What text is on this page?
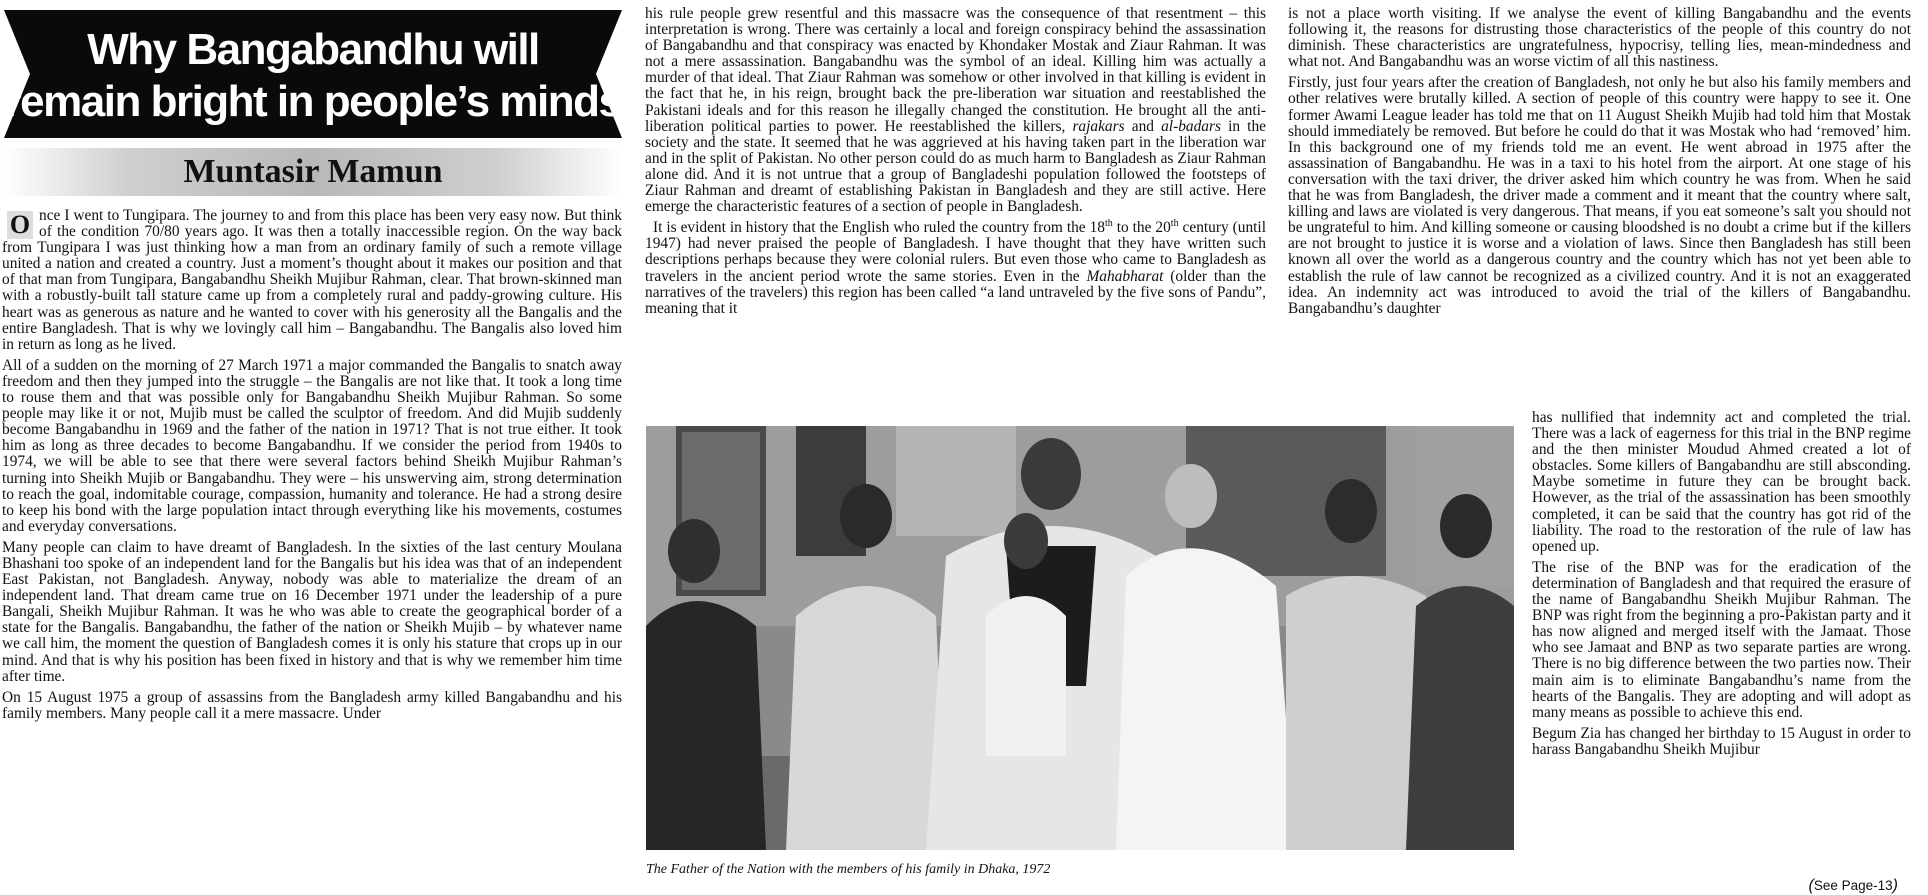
Why Bangabandhu will
remain bright in people’s minds
Muntasir Mamun

O nce I went to Tungipara. The journey to and from this place has been very easy now. But think of the condition 70/80 years ago. It was then a totally inaccessible region. On the way back from Tungipara I was just thinking how a man from an ordinary family of such a remote village united a nation and created a country. Just a moment’s thought about it makes our position and that of that man from Tungipara, Bangabandhu Sheikh Mujibur Rahman, clear. That brown-skinned man with a robustly-built tall stature came up from a completely rural and paddy-growing culture. His heart was as generous as nature and he wanted to cover with his generosity all the Bangalis and the entire Bangladesh. That is why we lovingly call him – Bangabandhu. The Bangalis also loved him in return as long as he lived.

All of a sudden on the morning of 27 March 1971 a major commanded the Bangalis to snatch away freedom and then they jumped into the struggle – the Bangalis are not like that. It took a long time to rouse them and that was possible only for Bangabandhu Sheikh Mujibur Rahman. So some people may like it or not, Mujib must be called the sculptor of freedom. And did Mujib suddenly become Bangabandhu in 1969 and the father of the nation in 1971? That is not true either. It took him as long as three decades to become Bangabandhu. If we consider the period from 1940s to 1974, we will be able to see that there were several factors behind Sheikh Mujibur Rahman’s turning into Sheikh Mujib or Bangabandhu. They were – his unswerving aim, strong determination to reach the goal, indomitable courage, compassion, humanity and tolerance. He had a strong desire to keep his bond with the large population intact through everything like his movements, costumes and everyday conversations.

Many people can claim to have dreamt of Bangladesh. In the sixties of the last century Moulana Bhashani too spoke of an independent land for the Bangalis but his idea was that of an independent East Pakistan, not Bangladesh. Anyway, nobody was able to materialize the dream of an independent land. That dream came true on 16 December 1971 under the leadership of a pure Bangali, Sheikh Mujibur Rahman. It was he who was able to create the geographical border of a state for the Bangalis. Bangabandhu, the father of the nation or Sheikh Mujib – by whatever name we call him, the moment the question of Bangladesh comes it is only his stature that crops up in our mind. And that is why his position has been fixed in history and that is why we remember him time after time.

On 15 August 1975 a group of assassins from the Bangladesh army killed Bangabandhu and his family members. Many people call it a mere massacre. Under

his rule people grew resentful and this massacre was the consequence of that resentment – this interpretation is wrong. There was certainly a local and foreign conspiracy behind the assassination of Bangabandhu and that conspiracy was enacted by Khondaker Mostak and Ziaur Rahman. It was not a mere assassination. Bangabandhu was the symbol of an ideal. Killing him was actually a murder of that ideal. That Ziaur Rahman was somehow or other involved in that killing is evident in the fact that he, in his reign, brought back the pre-liberation war situation and reestablished the Pakistani ideals and for this reason he illegally changed the constitution. He brought all the anti-liberation political parties to power. He reestablished the killers, rajakars and al-badars in the society and the state. It seemed that he was aggrieved at his having taken part in the liberation war and in the split of Pakistan. No other person could do as much harm to Bangladesh as Ziaur Rahman alone did. And it is not untrue that a group of Bangladeshi population followed the footsteps of Ziaur Rahman and dreamt of establishing Pakistan in Bangladesh and they are still active. Here emerge the characteristic features of a section of people in Bangladesh.

It is evident in history that the English who ruled the country from the 18th to the 20th century (until 1947) had never praised the people of Bangladesh. I have thought that they have written such descriptions perhaps because they were colonial rulers. But even those who came to Bangladesh as travelers in the ancient period wrote the same stories. Even in the Mahabharat (older than the narratives of the travelers) this region has been called “a land untraveled by the five sons of Pandu”, meaning that it

is not a place worth visiting. If we analyse the event of killing Bangabandhu and the events following it, the reasons for distrusting those characteristics of the people of this country do not diminish. These characteristics are ungratefulness, hypocrisy, telling lies, mean-mindedness and what not. And Bangabandhu was an worse victim of all this nastiness.

Firstly, just four years after the creation of Bangladesh, not only he but also his family members and other relatives were brutally killed. A section of people of this country were happy to see it. One former Awami League leader has told me that on 11 August Sheikh Mujib had told him that Mostak should immediately be removed. But before he could do that it was Mostak who had ‘removed’ him. In this background one of my friends told me an event. He went abroad in 1975 after the assassination of Bangabandhu. He was in a taxi to his hotel from the airport. At one stage of his conversation with the taxi driver, the driver asked him which country he was from. When he said that he was from Bangladesh, the driver made a comment and it meant that the country where salt, killing and laws are violated is very dangerous. That means, if you eat someone’s salt you should not be ungrateful to him. And killing someone or causing bloodshed is no doubt a crime but if the killers are not brought to justice it is worse and a violation of laws. Since then Bangladesh has still been known all over the world as a dangerous country and the country which has not yet been able to establish the rule of law cannot be recognized as a civilized country. And it is not an exaggerated idea. An indemnity act was introduced to avoid the trial of the killers of Bangabandhu. Bangabandhu’s daughter

has nullified that indemnity act and completed the trial. There was a lack of eagerness for this trial in the BNP regime and the then minister Moudud Ahmed created a lot of obstacles. Some killers of Bangabandhu are still absconding. Maybe sometime in future they can be brought back. However, as the trial of the assassination has been smoothly completed, it can be said that the country has got rid of the liability. The road to the restoration of the rule of law has opened up.

The rise of the BNP was for the eradication of the determination of Bangladesh and that required the erasure of the name of Bangabandhu Sheikh Mujibur Rahman. The BNP was right from the beginning a pro-Pakistan party and it has now aligned and merged itself with the Jamaat. Those who see Jamaat and BNP as two separate parties are wrong. There is no big difference between the two parties now. Their main aim is to eliminate Bangabandhu’s name from the hearts of the Bangalis. They are adopting and will adopt as many means as possible to achieve this end.

Begum Zia has changed her birthday to 15 August in order to harass Bangabandhu Sheikh Mujibur

The Father of the Nation with the members of his family in Dhaka, 1972
(See Page-13)
